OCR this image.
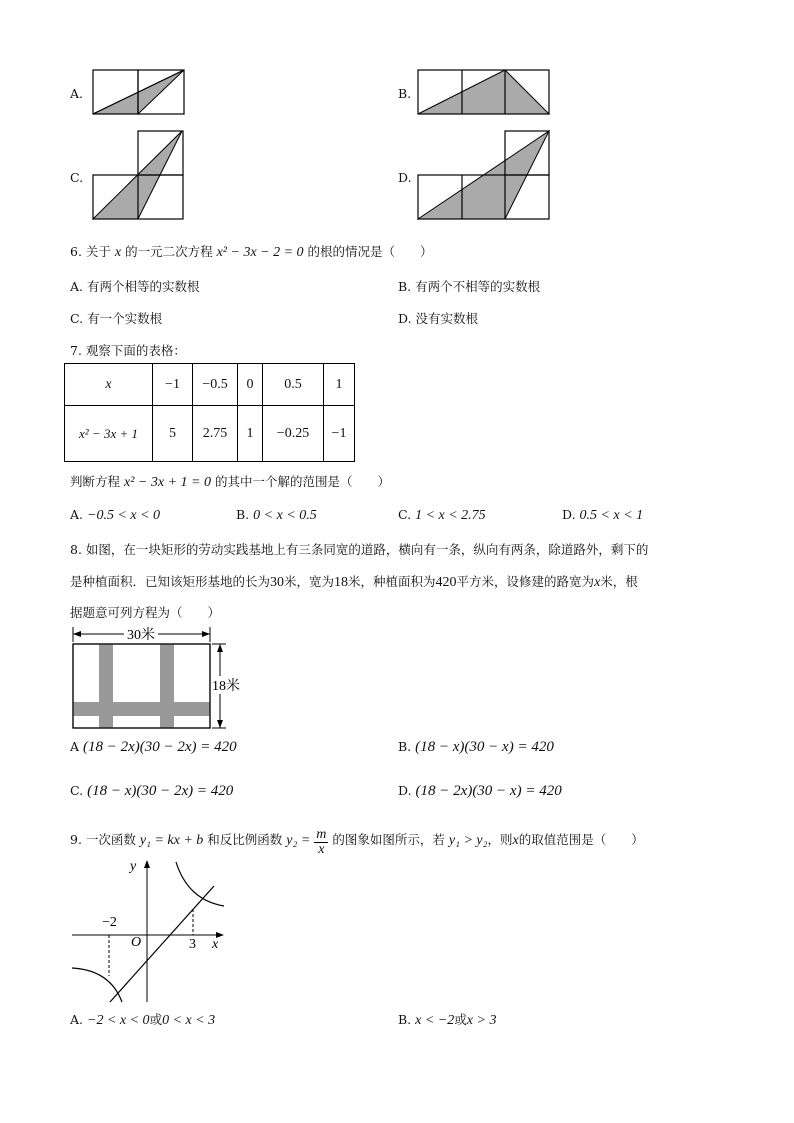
A.	B.
C.	D.
6. 关于 x 的一元二次方程 x² − 3x − 2 = 0 的根的情况是（　　）
A. 有两个相等的实数根	B. 有两个不相等的实数根
C. 有一个实数根	D. 没有实数根
7. 观察下面的表格：
x	−1	−0.5	0	0.5	1
x² − 3x + 1	5	2.75	1	−0.25	−1
判断方程 x² − 3x + 1 = 0 的其中一个解的范围是（　　）
A. −0.5 < x < 0	B. 0 < x < 0.5	C. 1 < x < 2.75	D. 0.5 < x < 1
8. 如图，在一块矩形的劳动实践基地上有三条同宽的道路，横向有一条，纵向有两条，除道路外，剩下的
是种植面积．已知该矩形基地的长为30米，宽为18米，种植面积为420平方米，设修建的路宽为x米，根
据题意可列方程为（　　）
30米
18米
A (18 − 2x)(30 − 2x) = 420	B. (18 − x)(30 − x) = 420
C. (18 − x)(30 − 2x) = 420	D. (18 − 2x)(30 − x) = 420
9. 一次函数 y₁ = kx + b 和反比例函数 $y_2 = \frac{m}{x}$ 的图象如图所示，若 y₁ > y₂，则x的取值范围是（　　）
y
x
O
−2
3
A. −2 < x < 0或0 < x < 3	B. x < −2或x > 3
